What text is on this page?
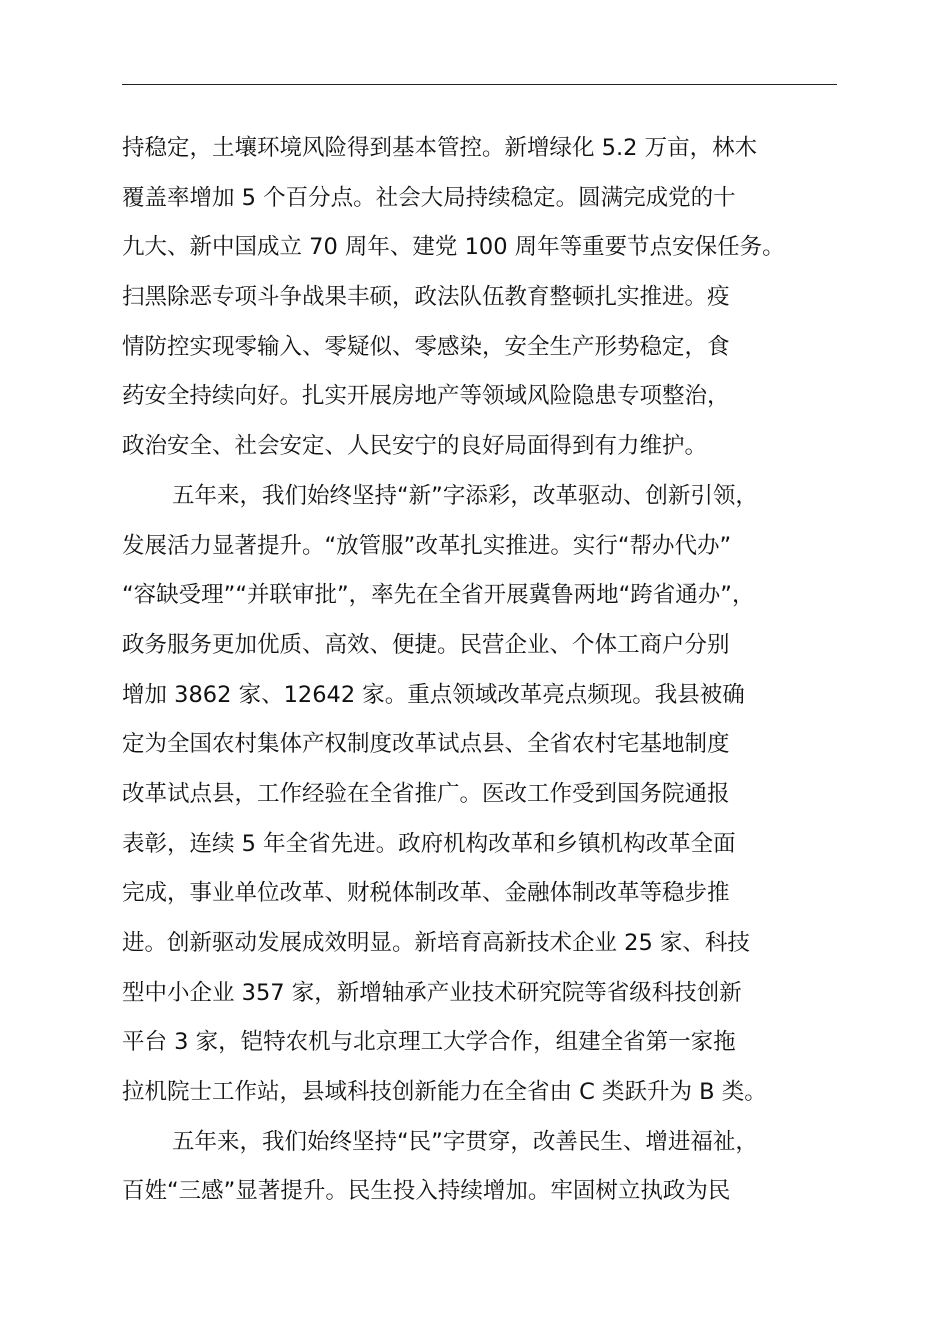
持稳定，土壤环境风险得到基本管控。新增绿化 5.2 万亩，林木
覆盖率增加 5 个百分点。社会大局持续稳定。圆满完成党的十
九大、新中国成立 70 周年、建党 100 周年等重要节点安保任务。
扫黑除恶专项斗争战果丰硕，政法队伍教育整顿扎实推进。疫
情防控实现零输入、零疑似、零感染，安全生产形势稳定，食
药安全持续向好。扎实开展房地产等领域风险隐患专项整治，
政治安全、社会安定、人民安宁的良好局面得到有力维护。
五年来，我们始终坚持“新”字添彩，改革驱动、创新引领，
发展活力显著提升。“放管服”改革扎实推进。实行“帮办代办”
“容缺受理”“并联审批”，率先在全省开展冀鲁两地“跨省通办”，
政务服务更加优质、高效、便捷。民营企业、个体工商户分别
增加 3862 家、12642 家。重点领域改革亮点频现。我县被确
定为全国农村集体产权制度改革试点县、全省农村宅基地制度
改革试点县，工作经验在全省推广。医改工作受到国务院通报
表彰，连续 5 年全省先进。政府机构改革和乡镇机构改革全面
完成，事业单位改革、财税体制改革、金融体制改革等稳步推
进。创新驱动发展成效明显。新培育高新技术企业 25 家、科技
型中小企业 357 家，新增轴承产业技术研究院等省级科技创新
平台 3 家，铠特农机与北京理工大学合作，组建全省第一家拖
拉机院士工作站，县域科技创新能力在全省由 C 类跃升为 B 类。
五年来，我们始终坚持“民”字贯穿，改善民生、增进福祉，
百姓“三感”显著提升。民生投入持续增加。牢固树立执政为民
